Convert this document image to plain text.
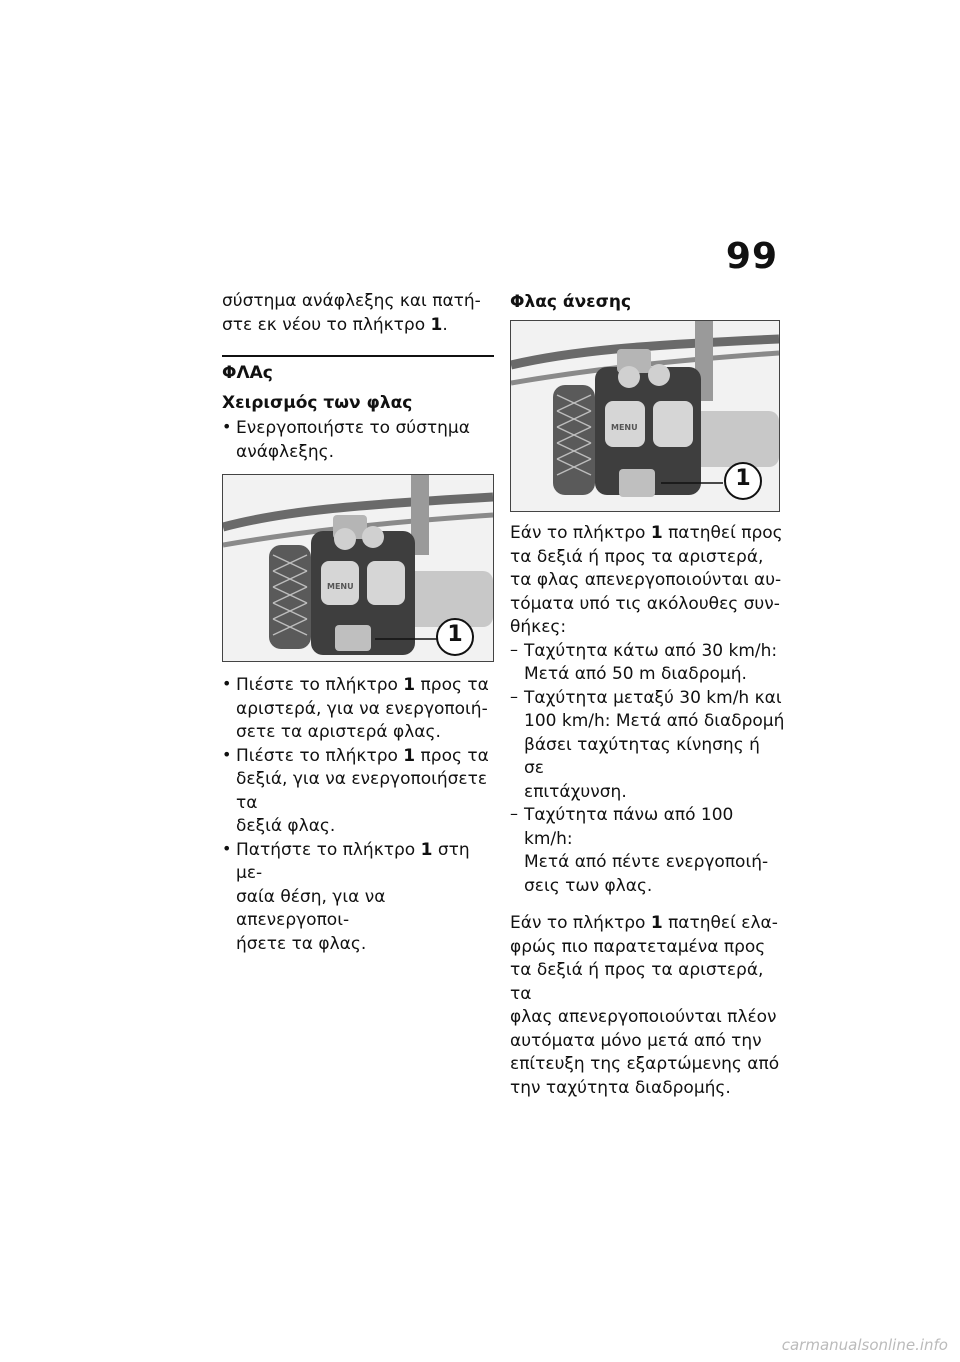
99

σύστημα ανάφλεξης και πατή-

στε εκ νέου το πλήκτρο 1.

ΦΛΑς
Χειρισμός των φλας
• Ενεργοποιήστε το σύστημα

ανάφλεξης.

MENU
1
• Πιέστε το πλήκτρο 1 προς τα

αριστερά, για να ενεργοποιή-

σετε τα αριστερά φλας.

• Πιέστε το πλήκτρο 1 προς τα

δεξιά, για να ενεργοποιήσετε τα

δεξιά φλας.

• Πατήστε το πλήκτρο 1 στη με-

σαία θέση, για να απενεργοποι-

ήσετε τα φλας.

Φλας άνεσης
MENU
1

Εάν το πλήκτρο 1 πατηθεί προς

τα δεξιά ή προς τα αριστερά,

τα φλας απενεργοποιούνται αυ-

τόματα υπό τις ακόλουθες συν-

θήκες:

– Ταχύτητα κάτω από 30 km/h:

Μετά από 50 m διαδρομή.

– Ταχύτητα μεταξύ 30 km/h και

100 km/h: Μετά από διαδρομή

βάσει ταχύτητας κίνησης ή σε

επιτάχυνση.

– Ταχύτητα πάνω από 100 km/h:

Μετά από πέντε ενεργοποιή-

σεις των φλας.

Εάν το πλήκτρο 1 πατηθεί ελα-

φρώς πιο παρατεταμένα προς

τα δεξιά ή προς τα αριστερά, τα

φλας απενεργοποιούνται πλέον

αυτόματα μόνο μετά από την

επίτευξη της εξαρτώμενης από

την ταχύτητα διαδρομής.

carmanualsonline.info
